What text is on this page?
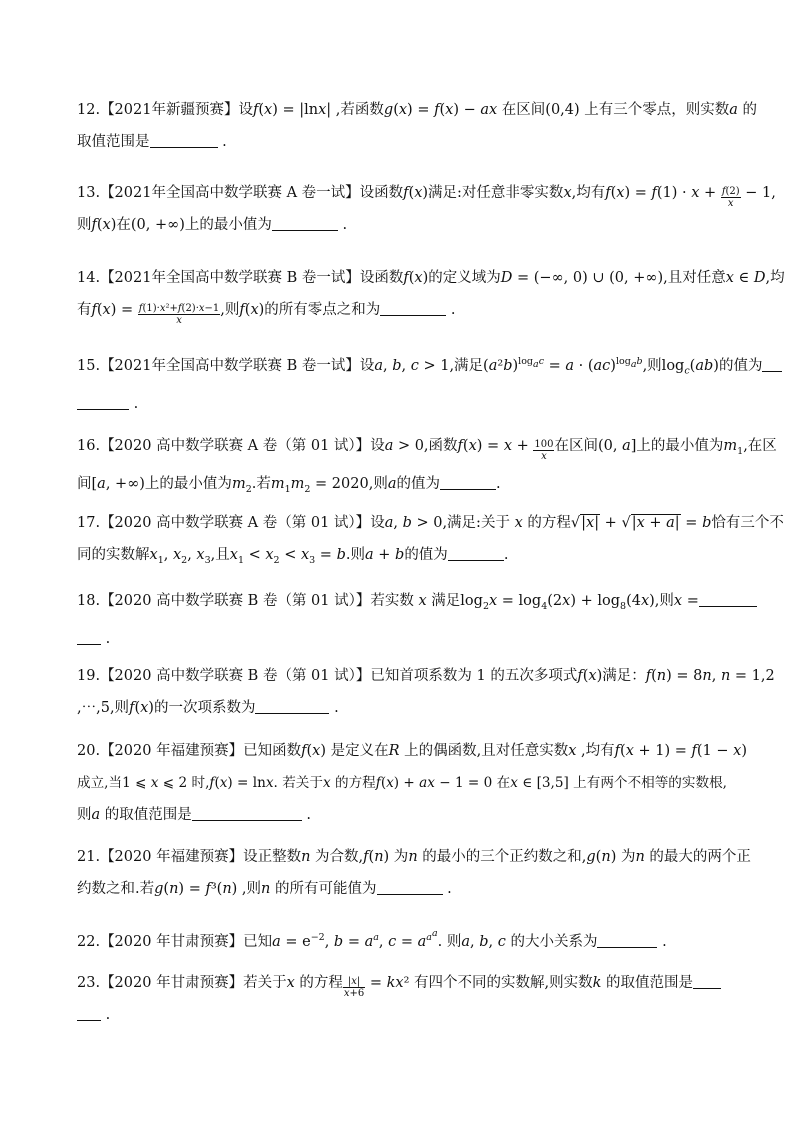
12.【2021年新疆预赛】设f(x) = |lnx| ,若函数g(x) = f(x) − ax 在区间(0,4) 上有三个零点，则实数a 的
取值范围是	.
13.【2021年全国高中数学联赛 A 卷一试】设函数f(x)满足:对任意非零实数x,均有$f(x) = f(1) \cdot x + \frac{f(2)}{x} - 1$,
则f(x)在(0, +∞)上的最小值为	.
14.【2021年全国高中数学联赛 B 卷一试】设函数f(x)的定义域为D = (−∞, 0) ∪ (0, +∞),且对任意x ∈ D,均
有$f(x) = \frac{\text{f(1)·x²+f(2)·x−1}}{x}$ ,则f(x)的所有零点之和为	.
15.【2021年全国高中数学联赛 B 卷一试】设a, b, c > 1,满足$(a^2b)^{log_ac} = a \cdot (ac)^{log_ab}$,则$\log_c(ab)$的值为
.
16.【2020 高中数学联赛 A 卷（第 01 试）】设a > 0,函数$f(x) = x + \frac{100}{x}$ 在区间(0, a]上的最小值为$m_1$,在区
间[a, +∞)上的最小值为$m_2$.若$m_1m_2 = 2020$,则a的值为	.
17.【2020 高中数学联赛 A 卷（第 01 试）】设a, b > 0,满足:关于 x 的方程√|x| + √|x + a| = b恰有三个不
同的实数解$x_1$, $x_2$, $x_3$,且$x_1 < x_2 < x_3 = b$.则a + b的值为	.
18.【2020 高中数学联赛 B 卷（第 01 试）】若实数 x 满足$\log_2x = \log_4(2x) + \log_8(4x)$,则x =
.
19.【2020 高中数学联赛 B 卷（第 01 试）】已知首项系数为 1 的五次多项式f(x)满足：f(n) = 8n, n = 1,2
,⋯,5,则f(x)的一次项系数为	.
20.【2020 年福建预赛】已知函数f(x) 是定义在R 上的偶函数,且对任意实数x ,均有f(x + 1) = f(1 − x)
成立,当1 ⩽ x ⩽ 2 时,f(x) = lnx. 若关于x 的方程f(x) + ax − 1 = 0 在x ∈ [3,5] 上有两个不相等的实数根,
则a 的取值范围是	.
21.【2020 年福建预赛】设正整数n 为合数,f(n) 为n 的最小的三个正约数之和,g(n) 为n 的最大的两个正
约数之和.若g(n) = f³(n) ,则n 的所有可能值为	.
22.【2020 年甘肃预赛】已知$a = e^{-2}$, $b = a^a$, $c = a^{a^a}$. 则a, b, c 的大小关系为	.
23.【2020 年甘肃预赛】若关于x 的方程 $\frac{|x|}{x+6} = kx^2$ 有四个不同的实数解,则实数k 的取值范围是
.
